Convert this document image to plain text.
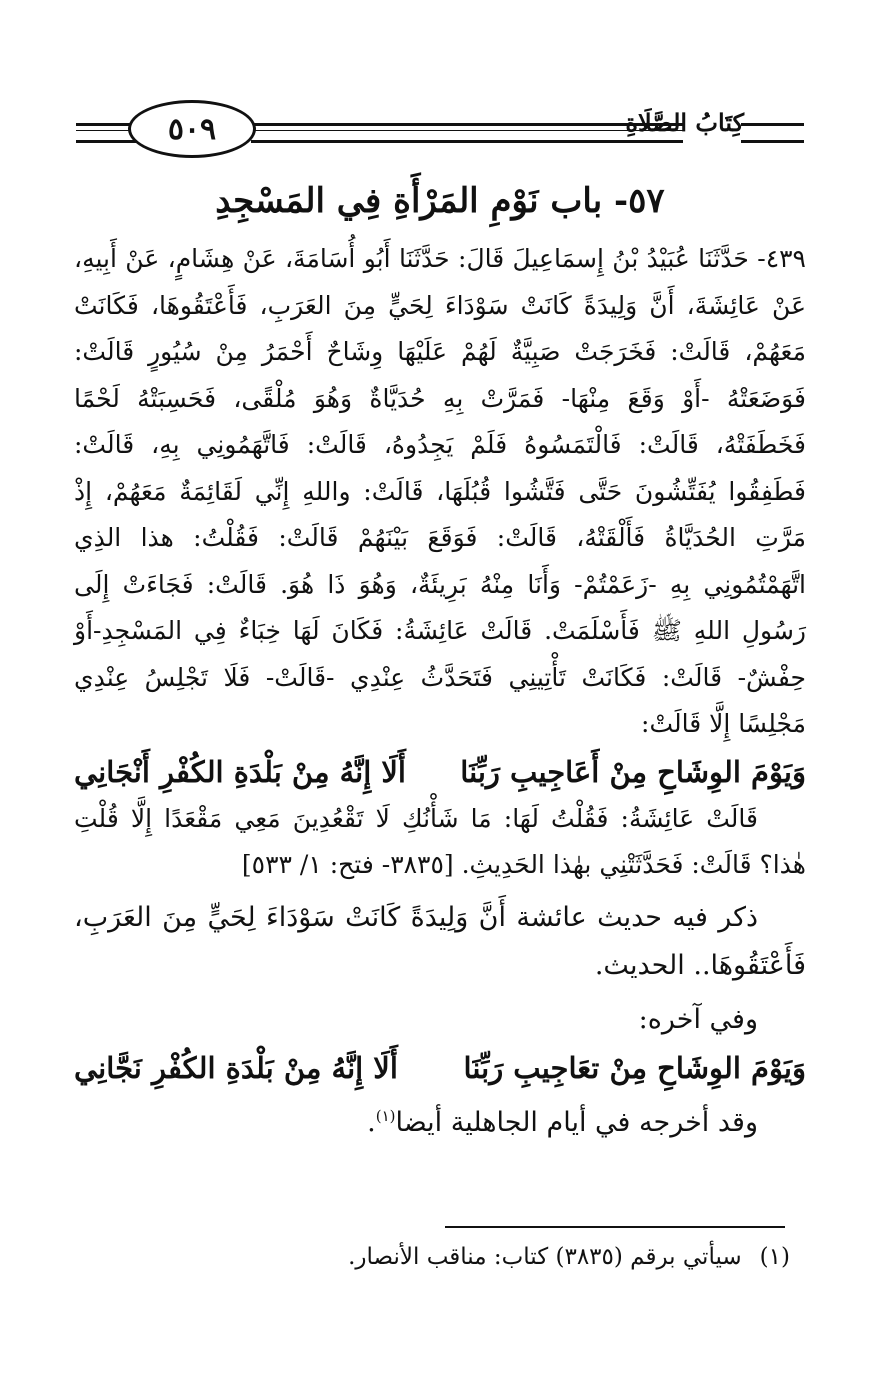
٥٠٩	كِتَابُ الصَّلَاةِ
٥٧- باب نَوْمِ المَرْأَةِ فِي المَسْجِدِ

٤٣٩- حَدَّثَنَا عُبَيْدُ بْنُ إِسمَاعِيلَ قَالَ: حَدَّثَنَا أَبُو أُسَامَةَ، عَنْ هِشَامٍ، عَنْ أَبِيهِ، عَنْ عَائِشَةَ، أَنَّ وَلِيدَةً كَانَتْ سَوْدَاءَ لِحَيٍّ مِنَ العَرَبِ، فَأَعْتَقُوهَا، فَكَانَتْ مَعَهُمْ، قَالَتْ: فَخَرَجَتْ صَبِيَّةٌ لَهُمْ عَلَيْهَا وِشَاحٌ أَحْمَرُ مِنْ سُيُورٍ قَالَتْ: فَوَضَعَتْهُ -أَوْ وَقَعَ مِنْهَا- فَمَرَّتْ بِهِ حُدَيَّاةٌ وَهُوَ مُلْقًى، فَحَسِبَتْهُ لَحْمًا فَخَطَفَتْهُ، قَالَتْ: فَالْتَمَسُوهُ فَلَمْ يَجِدُوهُ، قَالَتْ: فَاتَّهَمُونِي بِهِ، قَالَتْ: فَطَفِقُوا يُفَتِّشُونَ حَتَّى فَتَّشُوا قُبُلَهَا، قَالَتْ: واللهِ إِنِّي لَقَائِمَةٌ مَعَهُمْ، إِذْ مَرَّتِ الحُدَيَّاةُ فَأَلْقَتْهُ، قَالَتْ: فَوَقَعَ بَيْنَهُمْ قَالَتْ: فَقُلْتُ: هذا الذِي اتَّهَمْتُمُونِي بِهِ -زَعَمْتُمْ- وَأَنَا مِنْهُ بَرِيئَةٌ، وَهُوَ ذَا هُوَ. قَالَتْ: فَجَاءَتْ إِلَى رَسُولِ اللهِ ﷺ فَأَسْلَمَتْ. قَالَتْ عَائِشَةُ: فَكَانَ لَهَا خِبَاءٌ فِي المَسْجِدِ-أَوْ حِفْشٌ- قَالَتْ: فَكَانَتْ تَأْتِينِي فَتَحَدَّثُ عِنْدِي -قَالَتْ- فَلَا تَجْلِسُ عِنْدِي مَجْلِسًا إِلَّا قَالَتْ:

وَيَوْمَ الوِشَاحِ مِنْ أَعَاجِيبِ رَبِّنَا
أَلَا إِنَّهُ مِنْ بَلْدَةِ الكُفْرِ أَنْجَانِي

قَالَتْ عَائِشَةُ: فَقُلْتُ لَهَا: مَا شَأْنُكِ لَا تَقْعُدِينَ مَعِي مَقْعَدًا إِلَّا قُلْتِ هٰذا؟ قَالَتْ: فَحَدَّثَتْنِي بهٰذا الحَدِيثِ. [٣٨٣٥- فتح: ١/ ٥٣٣]

ذكر فيه حديث عائشة أَنَّ وَلِيدَةً كَانَتْ سَوْدَاءَ لِحَيٍّ مِنَ العَرَبِ، فَأَعْتَقُوهَا.. الحديث.

وفي آخره:

وَيَوْمَ الوِشَاحِ مِنْ تعَاجِيبِ رَبِّنَا
أَلَا إِنَّهُ مِنْ بَلْدَةِ الكُفْرِ نَجَّانِي

وقد أخرجه في أيام الجاهلية أيضا$^{(١)}$.

(١)سيأتي برقم (٣٨٣٥) كتاب: مناقب الأنصار.
